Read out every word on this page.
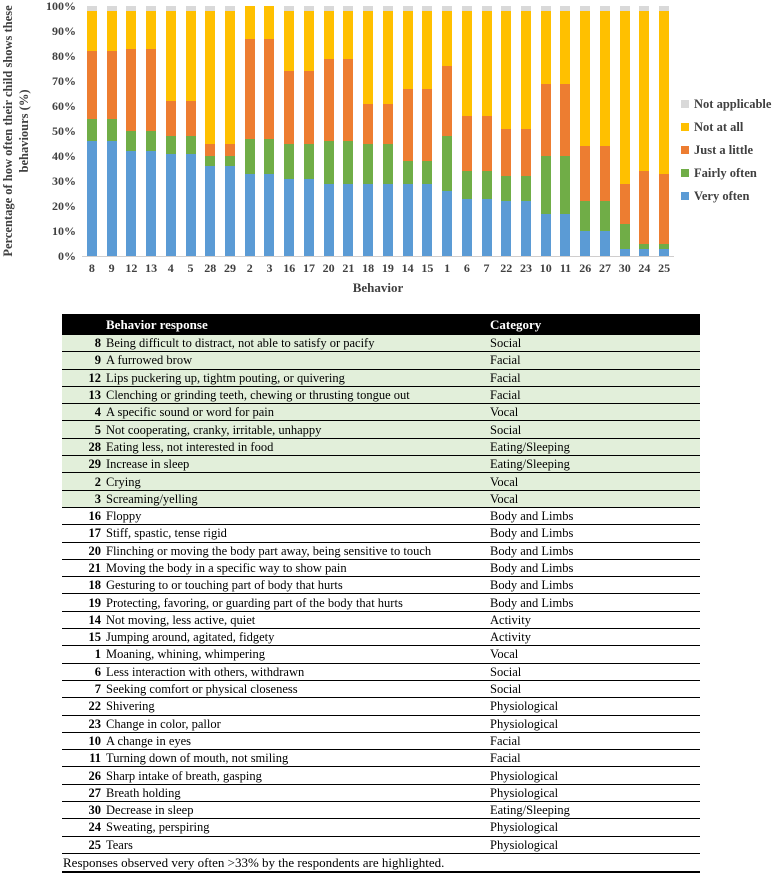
Percentage of how often their child shows these behaviours (%)
0%
10%
20%
30%
40%
50%
60%
70%
80%
90%
100%
8	9 12 13 4	5 28 29 2	3 16 17 20 21 18 19 14 15 1	6	7 22 23 10 11 26 27 30 24 25
Behavior
Not applicable
Not at all
Just a little
Fairly often
Very often
	Behavior response	Category
8	Being difficult to distract, not able to satisfy or pacify	Social
9	A furrowed brow	Facial
12	Lips puckering up, tightm pouting, or quivering	Facial
13	Clenching or grinding teeth, chewing or thrusting tongue out	Facial
4	A specific sound or word for pain	Vocal
5	Not cooperating, cranky, irritable, unhappy	Social
28	Eating less, not interested in food	Eating/Sleeping
29	Increase in sleep	Eating/Sleeping
2	Crying	Vocal
3	Screaming/yelling	Vocal
16	Floppy	Body and Limbs
17	Stiff, spastic, tense rigid	Body and Limbs
20	Flinching or moving the body part away, being sensitive to touch	Body and Limbs
21	Moving the body in a specific way to show pain	Body and Limbs
18	Gesturing to or touching part of body that hurts	Body and Limbs
19	Protecting, favoring, or guarding part of the body that hurts	Body and Limbs
14	Not moving, less active, quiet	Activity
15	Jumping around, agitated, fidgety	Activity
1	Moaning, whining, whimpering	Vocal
6	Less interaction with others, withdrawn	Social
7	Seeking comfort or physical closeness	Social
22	Shivering	Physiological
23	Change in color, pallor	Physiological
10	A change in eyes	Facial
11	Turning down of mouth, not smiling	Facial
26	Sharp intake of breath, gasping	Physiological
27	Breath holding	Physiological
30	Decrease in sleep	Eating/Sleeping
24	Sweating, perspiring	Physiological
25	Tears	Physiological
Responses observed very often >33% by the respondents are highlighted.
